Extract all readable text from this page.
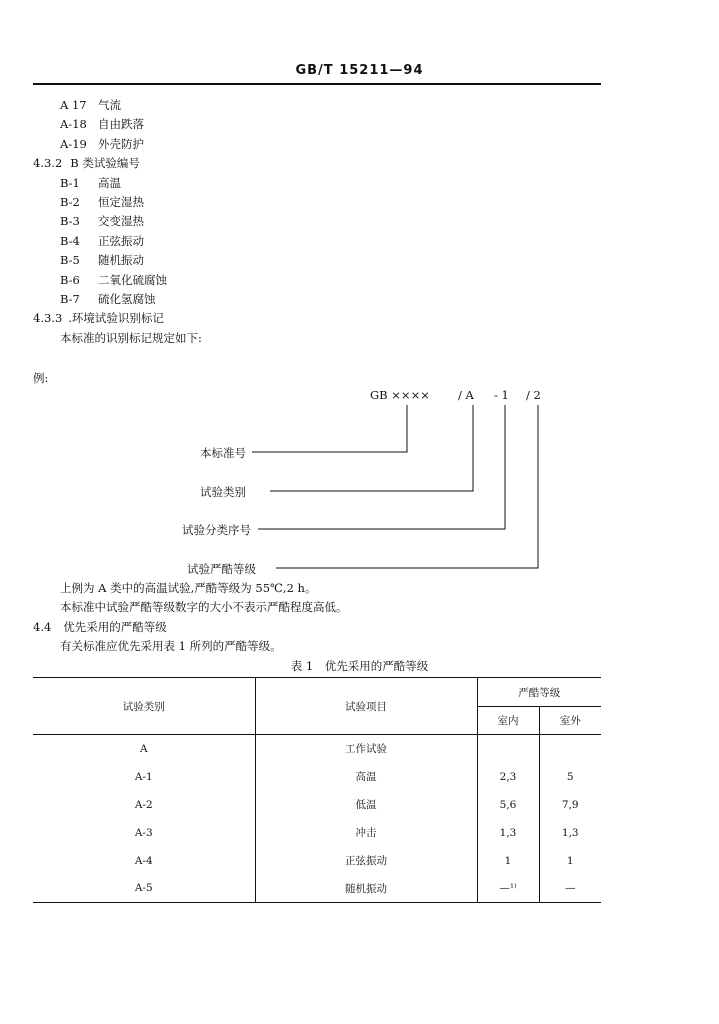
GB/T 15211—94
A 17 气流
A-18 自由跌落
A-19 外壳防护
4.3.2 B 类试验编号
B-1 高温
B-2 恒定湿热
B-3 交变湿热
B-4 正弦振动
B-5 随机振动
B-6 二氧化硫腐蚀
B-7 硫化氢腐蚀
4.3.3 .环境试验识别标记
本标准的识别标记规定如下:
例:
GB ×××× / A - 1 / 2
本标准号
试验类别
试验分类序号
试验严酷等级
上例为 A 类中的高温试验,严酷等级为 55℃,2 h。
本标准中试验严酷等级数字的大小不表示严酷程度高低。
4.4 优先采用的严酷等级
有关标准应优先采用表 1 所列的严酷等级。
表 1　优先采用的严酷等级
试验类别	试验项目	严酷等级	
		室内	室外
A	工作试验		
A-1	高温	2,3	5
A-2	低温	5,6	7,9
A-3	冲击	1,3	1,3
A-4	正弦振动	1	1
A-5	随机振动	—¹⁾	—
